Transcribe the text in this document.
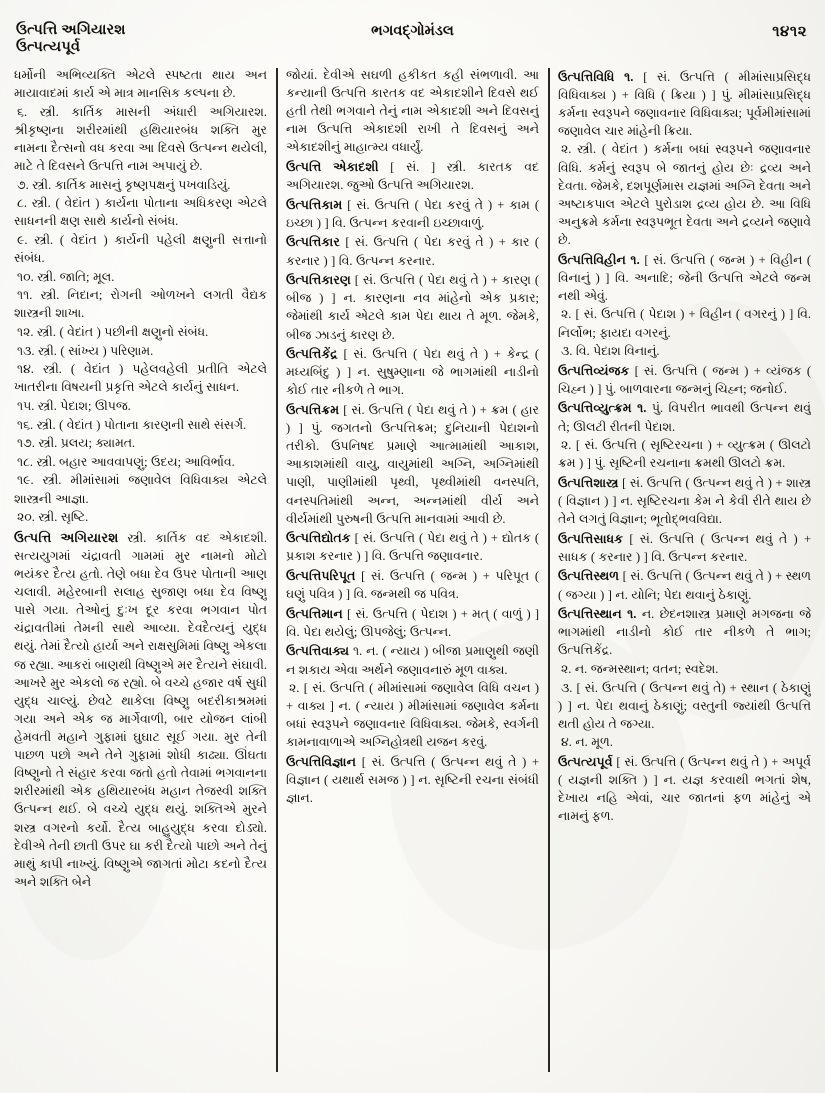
ઉત્પત્તિ અગિયારશ
ઉત્પત્યપૂર્વ
ભગવદ્ગોમંડલ	૧૪૧૨

ધર્મોની અભિવ્યક્તિ એટલે સ્પષ્ટતા થાય અન માયાવાદમાં કાર્ય એ માત્ર માનસિક કલ્પના છે.

૬. સ્ત્રી. કાર્તિક માસની અંધારી અગિયારશ. શ્રીકૃષ્ણના શરીરમાંથી હથિયારબંધ શક્તિ મુર નામના દૈત્સનો વધ કરવા આ દિવસે ઉત્પન્ન થયેલી, માટે તે દિવસને ઉત્પત્તિ નામ અપાયું છે.

૭. સ્ત્રી. કાર્તિક માસનું કૃષ્ણપક્ષનું પખવાડિયું.

૮. સ્ત્રી. ( વેદાંત ) કાર્યના પોતાના અધિકરણ એટલે સાધનની ક્ષણ સાથે કાર્યનો સંબંધ.

૯. સ્ત્રી. ( વેદાંત ) કાર્યની પહેલી ક્ષણુની સત્તાનો સંબંધ.

૧૦. સ્ત્રી. જાતિ; મૂલ.

૧૧. સ્ત્રી. નિદાન; રોગની ઓળખને લગતી વૈદ્યક શાસ્ત્રની શાખા.

૧૨. સ્ત્રી. ( વેદાંત ) પછીની ક્ષણુનો સંબંધ.

૧૩. સ્ત્રી. ( સાંખ્ય ) પરિણામ.

૧૪. સ્ત્રી. ( વેદાંત ) પહેલવહેલી પ્રતીતિ એટલે ખાતરીના વિષયની પ્રકૃત્તિ એટલે કાર્યનું સાધન.

૧૫. સ્ત્રી. પેદાશ; ઊપજ.

૧૬. સ્ત્રી. ( વેદાંત ) પોતાના કારણની સાથે સંસર્ગ.

૧૭. સ્ત્રી. પ્રલય; ક્યામત.

૧૮. સ્ત્રી. બહાર આવવાપણું; ઉદય; આવિર્ભાવ.

૧૯. સ્ત્રી. મીમાંસામાં જણાવેલ વિધિવાક્ય એટલે શાસ્ત્રની આજ્ઞા.

૨૦. સ્ત્રી. સૃષ્ટિ.

ઉત્પત્તિ અગિયારશ સ્ત્રી. કાર્તિક વદ એકાદશી. સત્યયુગમાં ચંદ્રાવતી ગામમાં મુર નામનો મોટો ભયંકર દૈત્ય હતો. તેણે બધા દેવ ઉપર પોતાની આણ ચલાવી. મહેરબાની સલાહ સુજાણ બધા દેવ વિષ્ણુ પાસે ગયા. તેઓનું દુઃખ દૂર કરવા ભગવાન પોત ચંદ્રાવતીમાં તેમની સાથે આવ્યા. દેવદૈત્યનું યુદ્ધ થયું. તેમાં દૈત્યો હાર્યા અને રાક્ષસુમિમાં વિષ્ણુ એકલા જ રહ્યા. આકરાં બાણથી વિષ્ણુએ મર દૈત્યને સંઘાવી. આખરે મુર એકલો જ રહ્યો. બે વચ્ચે હજાર વર્ષ સુધી યુદ્ધ ચાલ્યું. છેવટે થાકેલા વિષ્ણુ બદરીકાશ્રમમાં ગયા અને એક જ માર્ગેવાળી, બાર યોજન લાંબી હેમવતી મહાને ગુફામાં ઘુઘાટ સૂઈ ગયા. મુર તેની પાછળ પછો અને તેને ગુફામાં શોધી કાઢ્યા. ઊંઘતા વિષ્ણુનો તે સંહાર કરવા જતો હતો તેવામાં ભગવાનના શરીરમાંથી એક હથિયારબંધ મહાન તેજસ્વી શક્તિ ઉત્પન્ન થઈ. બે વચ્ચે યુદ્ધ થયું. શક્તિએ મુરને શસ્ત્ર વગરનો કર્યો. દૈત્ય બાહુયુદ્ધ કરવા દોડ્યો. દેવીએ તેની છાતી ઉપર ઘા કરી દૈત્યો પાછો અને તેનું માથું કાપી નાખ્યું. વિષ્ણુએ જાગતાં મોટા કદનો દૈત્ય અને શક્તિ બેને

જોયાં. દેવીએ સઘળી હકીકત કહી સંભળાવી. આ કન્યાની ઉત્પત્તિ કારતક વદ એકાદશીને દિવસે થઈ હતી તેથી ભગવાને તેનું નામ એકાદશી અને દિવસનું નામ ઉત્પત્તિ એકાદશી રાખી તે દિવસનું અને એકાદશીનું માહાત્મ્ય વધાર્યું.

ઉત્પત્તિ એકાદશી [ સં. ] સ્ત્રી. કારતક વદ અગિયારશ. જુઓ ઉત્પત્તિ અગિયારશ.

ઉત્પત્તિકામ [ સં. ઉત્પત્તિ ( પેદા કરવું તે ) + કામ ( ઇચ્છા ) ] વિ. ઉત્પન્ન કરવાની ઇચ્છાવાળું.

ઉત્પત્તિકાર [ સં. ઉત્પત્તિ ( પેદા કરવું તે ) + કાર ( કરનાર ) ] વિ. ઉત્પન્ન કરનાર.

ઉત્પત્તિકારણ [ સં. ઉત્પત્તિ ( પેદા થવું તે ) + કારણ ( બીજ ) ] ન. કારણના નવ માંહેનો એક પ્રકાર; જેમાંથી કાર્ય એટલે કામ પેદા થાય તે મૂળ. જેમકે, બીજ ઝાડનું કારણ છે.

ઉત્પત્તિકેંદ્ર [ સં. ઉત્પત્તિ ( પેદા થવું તે ) + કેન્દ્ર ( મધ્યબિંદુ ) ] ન. સુષુમ્ણાના જે ભાગમાંથી નાડીનો કોઈ તાર નીકળે તે ભાગ.

ઉત્પત્તિક્રમ [ સં. ઉત્પત્તિ ( પેદા થવું તે ) + ક્રમ ( હાર ) ] પું. જગતનો ઉત્પત્તિક્રમ; દુનિયાની પેદાશનો તરીકો. ઉપનિષદ પ્રમાણે આત્મામાંથી આકાશ, આકાશમાંથી વાયુ, વાયુમાંથી અગ્નિ, અગ્નિમાંથી પાણી, પાણીમાંથી પૃથ્વી, પૃથ્વીમાંથી વનસ્પતિ, વનસ્પતિમાંથી અન્ન, અન્નમાંથી વીર્ય અને વીર્યમાંથી પુરુષની ઉત્પત્તિ માનવામાં આવી છે.

ઉત્પત્તિદ્યોતક [ સં. ઉત્પત્તિ ( પેદા થવું તે ) + દ્યોતક ( પ્રકાશ કરનાર ) ] વિ. ઉત્પત્તિ જણાવનાર.

ઉત્પત્તિપરિપૂત [ સં. ઉત્પત્તિ ( જન્મ ) + પરિપૂત ( ઘણું પવિત્ર ) ] વિ. જન્મથી જ પવિત્ર.

ઉત્પત્તિમાન [ સં. ઉત્પત્તિ ( પેદાશ ) + મત્ ( વાળું ) ] વિ. પેદા થયેલું; ઊપજેલું; ઉત્પન્ન.

ઉત્પત્તિવાક્ય ૧. ન. ( ન્યાય ) બીજા પ્રમાણુથી જણી ન શકાય એવા અર્થને જણાવનારું મૂળ વાક્ય.

૨. [ સં. ઉત્પત્તિ ( મીમાંસામાં જણાવેલ વિધિ વચન ) + વાક્ય ] ન. ( ન્યાય ) મીમાંસામાં જણાવેલ કર્મના બધાં સ્વરૂપને જણાવનાર વિધિવાક્ય. જેમકે, સ્વર્ગની કામનાવાળાએ અગ્નિહોત્રથી યજન કરવું.

ઉત્પત્તિવિજ્ઞાન [ સં. ઉત્પત્તિ ( ઉત્પન્ન થવું તે ) + વિજ્ઞાન ( યથાર્થ સમજ ) ] ન. સૃષ્ટિની રચના સંબંધી જ્ઞાન.

ઉત્પત્તિવિધિ ૧. [ સં. ઉત્પત્તિ ( મીમાંસાપ્રસિદ્ધ વિધિવાક્ય ) + વિધિ ( ક્રિયા ) ] પું. મીમાંસાપ્રસિદ્ધ કર્મના સ્વરૂપને જણાવનાર વિધિવાક્ય; પૂર્વમીમાંસામાં જણાવેલ ચાર માંહેની ક્રિયા.

૨. સ્ત્રી. ( વેદાંત ) કર્મના બધાં સ્વરૂપને જણાવનાર વિધિ. કર્મનું સ્વરૂપ બે જાતનું હોય છેઃ દ્રવ્ય અને દેવતા. જેમકે, દશપૂર્ણમાસ યજ્ઞમાં અગ્નિ દેવતા અને અષ્ટાકપાલ એટલે પુરોડાશ દ્રવ્ય હોય છે. આ વિધિ અનુક્રમે કર્મના સ્વરૂપભૂત દેવતા અને દ્રવ્યને જણાવે છે.

ઉત્પત્તિવિહીન ૧. [ સં. ઉત્પત્તિ ( જન્મ ) + વિહીન ( વિનાનું ) ] વિ. અનાદિ; જેની ઉત્પત્તિ એટલે જન્મ નથી એવું.

૨. [ સં. ઉત્પત્તિ ( પેદાશ ) + વિહીન ( વગરનું ) ] વિ. નિર્લોભ; ફાયદા વગરનું.

૩. વિ. પેદાશ વિનાનું.

ઉત્પત્તિવ્યંજક [ સં. ઉત્પત્તિ ( જન્મ ) + વ્યંજક ( ચિહ્ન ) ] પું. બાળવારના જન્મનું ચિહ્ન; જનોઈ.

ઉત્પત્તિવ્યુત્ક્રમ ૧. પું. વિપરીત ભાવથી ઉત્પન્ન થવું તે; ઊલટી રીતની પેદાશ.

૨. [ સં. ઉત્પત્તિ ( સૃષ્ટિરચના ) + વ્યુત્ક્રમ ( ઊલટો ક્રમ ) ] પું. સૃષ્ટિની રચનાના ક્રમથી ઊલટો ક્રમ.

ઉત્પત્તિશાસ્ત્ર [ સં. ઉત્પત્તિ ( ઉત્પન્ન થવું તે ) + શાસ્ત્ર ( વિજ્ઞાન ) ] ન. સૃષ્ટિરચના કેમ ને કેવી રીતે થાય છે તેને લગતું વિજ્ઞાન; ભૂતોદ્ભવવિદ્યા.

ઉત્પત્તિસાધક [ સં. ઉત્પત્તિ ( ઉત્પન્ન થવું તે ) + સાધક ( કરનાર ) ] વિ. ઉત્પન્ન કરનાર.

ઉત્પત્તિસ્થળ [ સં. ઉત્પત્તિ ( ઉત્પન્ન થવું તે ) + સ્થળ ( જગ્યા ) ] ન. યોનિ; પેદા થવાનું ઠેકાણું.

ઉત્પત્તિસ્થાન ૧. ન. છેદનશાસ્ત્ર પ્રમાણે મગજના જે ભાગમાંથી નાડીનો કોઈ તાર નીકળે તે ભાગ; ઉત્પત્તિકેંદ્ર.

૨. ન. જન્મસ્થાન; વતન; સ્વદેશ.

૩. [ સં. ઉત્પત્તિ ( ઉત્પન્ન થવું તે) + સ્થાન ( ઠેકાણું ) ] ન. પેદા થવાનું ઠેકાણું; વસ્તુની જ્યાંથી ઉત્પત્તિ થતી હોય તે જગ્યા.

૪. ન. મૂળ.

ઉત્પત્યપૂર્વ [ સં. ઉત્પત્તિ ( ઉત્પન્ન થવું તે ) + અપૂર્વ ( યજ્ઞની શક્તિ ) ] ન. યજ્ઞ કરવાથી ભગતાં શેષ, દેખાય નહિ એવાં, ચાર જાતનાં ફળ માંહેનું એ નામનું ફળ.
